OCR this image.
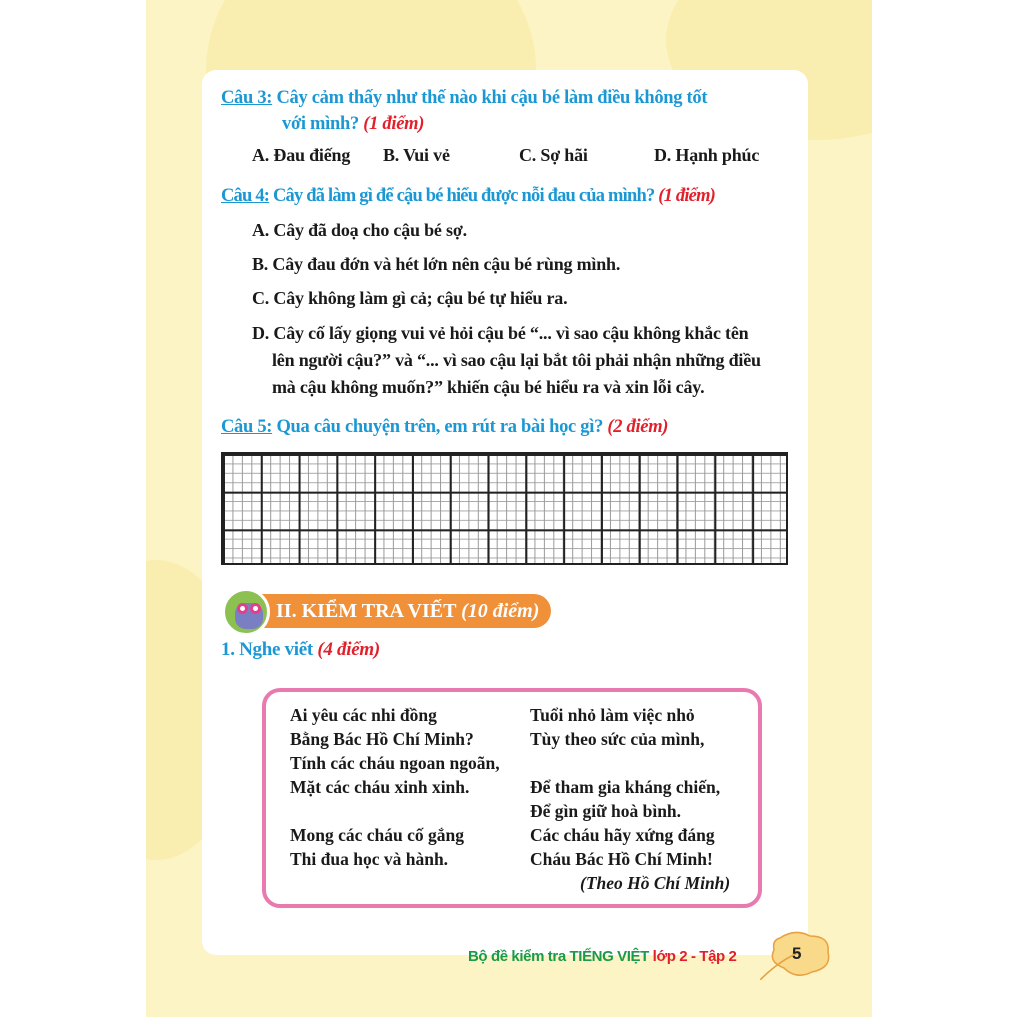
Câu 3: Cây cảm thấy như thế nào khi cậu bé làm điều không tốt
với mình? (1 điểm)
A. Đau điếng B. Vui vẻ	C. Sợ hãi	D. Hạnh phúc
Câu 4: Cây đã làm gì để cậu bé hiểu được nỗi đau của mình? (1 điểm)
A. Cây đã doạ cho cậu bé sợ.
B. Cây đau đớn và hét lớn nên cậu bé rùng mình.
C. Cây không làm gì cả; cậu bé tự hiểu ra.
D. Cây cố lấy giọng vui vẻ hỏi cậu bé “... vì sao cậu không khắc tên
lên người cậu?” và “... vì sao cậu lại bắt tôi phải nhận những điều
mà cậu không muốn?” khiến cậu bé hiểu ra và xin lỗi cây.
Câu 5: Qua câu chuyện trên, em rút ra bài học gì? (2 điểm)
II. KIỂM TRA VIẾT (10 điểm)
1. Nghe viết (4 điểm)
Ai yêu các nhi đồng
Bằng Bác Hồ Chí Minh?
Tính các cháu ngoan ngoãn,
Mặt các cháu xinh xinh.
Mong các cháu cố gắng
Thi đua học và hành.
Tuổi nhỏ làm việc nhỏ
Tùy theo sức của mình,
Để tham gia kháng chiến,
Để gìn giữ hoà bình.
Các cháu hãy xứng đáng
Cháu Bác Hồ Chí Minh!
(Theo Hồ Chí Minh)
Bộ đề kiểm tra TIẾNG VIỆT lớp 2 - Tập 2	5
